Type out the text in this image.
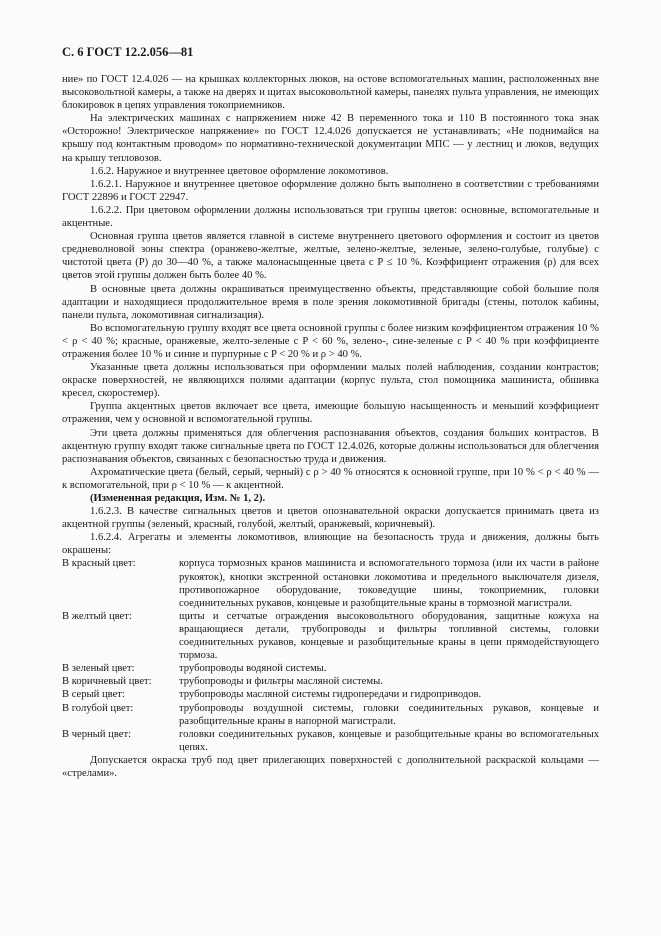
С. 6 ГОСТ 12.2.056—81

ние» по ГОСТ 12.4.026 — на крышках коллекторных люков, на остове вспомогательных машин, расположенных вне высоковольтной камеры, а также на дверях и щитах высоковольтной камеры, панелях пульта управления, не имеющих блокировок в цепях управления токоприемников.

На электрических машинах с напряжением ниже 42 В переменного тока и 110 В постоянного тока знак «Осторожно! Электрическое напряжение» по ГОСТ 12.4.026 допускается не устанавливать; «Не поднимайся на крышу под контактным проводом» по нормативно-технической документации МПС — у лестниц и люков, ведущих на крышу тепловозов.

1.6.2. Наружное и внутреннее цветовое оформление локомотивов.

1.6.2.1. Наружное и внутреннее цветовое оформление должно быть выполнено в соответствии с требованиями ГОСТ 22896 и ГОСТ 22947.

1.6.2.2. При цветовом оформлении должны использоваться три группы цветов: основные, вспомогательные и акцентные.

Основная группа цветов является главной в системе внутреннего цветового оформления и состоит из цветов средневолновой зоны спектра (оранжево-желтые, желтые, зелено-желтые, зеленые, зелено-голубые, голубые) с чистотой цвета (P) до 30—40 %, а также малонасыщенные цвета с P ≤ 10 %. Коэффициент отражения (ρ) для всех цветов этой группы должен быть более 40 %.

В основные цвета должны окрашиваться преимущественно объекты, представляющие собой большие поля адаптации и находящиеся продолжительное время в поле зрения локомотивной бригады (стены, потолок кабины, панели пульта, локомотивная сигнализация).

Во вспомогательную группу входят все цвета основной группы с более низким коэффициентом отражения 10 % < ρ < 40 %; красные, оранжевые, желто-зеленые с P < 60 %, зелено-, сине-зеленые с P < 40 % при коэффициенте отражения более 10 % и синие и пурпурные с P < 20 % и ρ > 40 %.

Указанные цвета должны использоваться при оформлении малых полей наблюдения, создании контрастов; окраске поверхностей, не являющихся полями адаптации (корпус пульта, стол помощника машиниста, обшивка кресел, скоростемер).

Группа акцентных цветов включает все цвета, имеющие большую насыщенность и меньший коэффициент отражения, чем у основной и вспомогательной группы.

Эти цвета должны применяться для облегчения распознавания объектов, создания больших контрастов. В акцентную группу входят также сигнальные цвета по ГОСТ 12.4.026, которые должны использоваться для облегчения распознавания объектов, связанных с безопасностью труда и движения.

Ахроматические цвета (белый, серый, черный) с ρ > 40 % относятся к основной группе, при 10 % < ρ < 40 % — к вспомогательной, при ρ < 10 % — к акцентной.

(Измененная редакция, Изм. № 1, 2).

1.6.2.3. В качестве сигнальных цветов и цветов опознавательной окраски допускается принимать цвета из акцентной группы (зеленый, красный, голубой, желтый, оранжевый, коричневый).

1.6.2.4. Агрегаты и элементы локомотивов, влияющие на безопасность труда и движения, должны быть окрашены:

В красный цвет:	корпуса тормозных кранов машиниста и вспомогательного тормоза (или их части в районе рукояток), кнопки экстренной остановки локомотива и предельного выключателя дизеля, противопожарное оборудование, токоведущие шины, токоприемник, головки соединительных рукавов, концевые и разобщительные краны в тормозной магистрали.
В желтый цвет:	щиты и сетчатые ограждения высоковольтного оборудования, защитные кожуха на вращающиеся детали, трубопроводы и фильтры топливной системы, головки соединительных рукавов, концевые и разобщительные краны в цепи прямодействующего тормоза.
В зеленый цвет:	трубопроводы водяной системы.
В коричневый цвет:	трубопроводы и фильтры масляной системы.
В серый цвет:	трубопроводы масляной системы гидропередачи и гидроприводов.
В голубой цвет:	трубопроводы воздушной системы, головки соединительных рукавов, концевые и разобщительные краны в напорной магистрали.
В черный цвет:	головки соединительных рукавов, концевые и разобщительные краны во вспомогательных цепях.

Допускается окраска труб под цвет прилегающих поверхностей с дополнительной раскраской кольцами — «стрелами».
